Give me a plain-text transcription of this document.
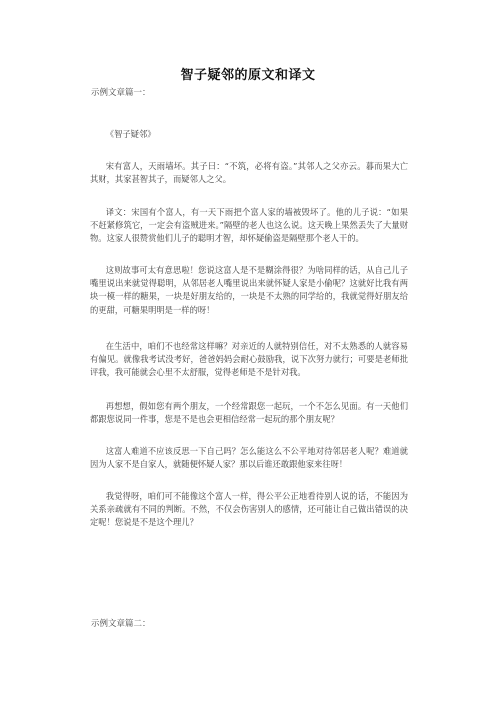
智子疑邻的原文和译文

示例文章篇一：

《智子疑邻》

宋有富人，天雨墙坏。其子曰：“不筑，必将有盗。”其邻人之父亦云。暮而果大亡其财，其家甚智其子，而疑邻人之父。

译文：宋国有个富人，有一天下雨把个富人家的墙被毁坏了。他的儿子说：“如果不赶紧修筑它，一定会有盗贼进来。”隔壁的老人也这么说。这天晚上果然丢失了大量财物。这家人很赞赏他们儿子的聪明才智，却怀疑偷盗是隔壁那个老人干的。

这则故事可太有意思啦！您说这富人是不是糊涂得很？为啥同样的话，从自己儿子嘴里说出来就觉得聪明，从邻居老人嘴里说出来就怀疑人家是小偷呢？这就好比我有两块一模一样的糖果，一块是好朋友给的，一块是不太熟的同学给的，我就觉得好朋友给的更甜，可糖果明明是一样的呀！

在生活中，咱们不也经常这样嘛？对亲近的人就特别信任，对不太熟悉的人就容易有偏见。就像我考试没考好，爸爸妈妈会耐心鼓励我，说下次努力就行；可要是老师批评我，我可能就会心里不太舒服，觉得老师是不是针对我。

再想想，假如您有两个朋友，一个经常跟您一起玩，一个不怎么见面。有一天他们都跟您说同一件事，您是不是也会更相信经常一起玩的那个朋友呢？

这富人难道不应该反思一下自己吗？怎么能这么不公平地对待邻居老人呢？难道就因为人家不是自家人，就随便怀疑人家？那以后谁还敢跟他家来往呀！

我觉得呀，咱们可不能像这个富人一样，得公平公正地看待别人说的话，不能因为关系亲疏就有不同的判断。不然，不仅会伤害别人的感情，还可能让自己做出错误的决定呢！您说是不是这个理儿？

示例文章篇二：
